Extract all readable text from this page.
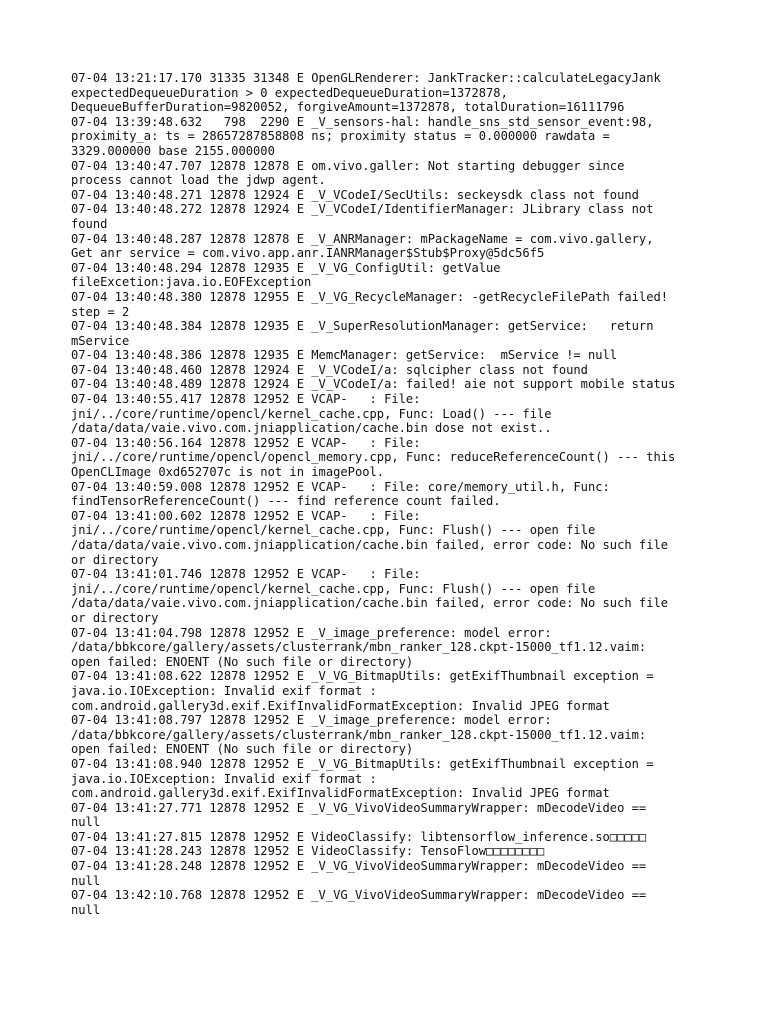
07-04 13:21:17.170 31335 31348 E OpenGLRenderer: JankTracker::calculateLegacyJank
expectedDequeueDuration > 0 expectedDequeueDuration=1372878,
DequeueBufferDuration=9820052, forgiveAmount=1372878, totalDuration=16111796
07-04 13:39:48.632   798  2290 E _V_sensors-hal: handle_sns_std_sensor_event:98,
proximity_a: ts = 28657287858808 ns; proximity status = 0.000000 rawdata =
3329.000000 base 2155.000000
07-04 13:40:47.707 12878 12878 E om.vivo.galler: Not starting debugger since
process cannot load the jdwp agent.
07-04 13:40:48.271 12878 12924 E _V_VCodeI/SecUtils: seckeysdk class not found
07-04 13:40:48.272 12878 12924 E _V_VCodeI/IdentifierManager: JLibrary class not
found
07-04 13:40:48.287 12878 12878 E _V_ANRManager: mPackageName = com.vivo.gallery,
Get anr service = com.vivo.app.anr.IANRManager$Stub$Proxy@5dc56f5
07-04 13:40:48.294 12878 12935 E _V_VG_ConfigUtil: getValue
fileExcetion:java.io.EOFException
07-04 13:40:48.380 12878 12955 E _V_VG_RecycleManager: -getRecycleFilePath failed!
step = 2
07-04 13:40:48.384 12878 12935 E _V_SuperResolutionManager: getService:   return
mService
07-04 13:40:48.386 12878 12935 E MemcManager: getService:  mService != null
07-04 13:40:48.460 12878 12924 E _V_VCodeI/a: sqlcipher class not found
07-04 13:40:48.489 12878 12924 E _V_VCodeI/a: failed! aie not support mobile status
07-04 13:40:55.417 12878 12952 E VCAP-   : File:
jni/../core/runtime/opencl/kernel_cache.cpp, Func: Load() --- file
/data/data/vaie.vivo.com.jniapplication/cache.bin dose not exist..
07-04 13:40:56.164 12878 12952 E VCAP-   : File:
jni/../core/runtime/opencl/opencl_memory.cpp, Func: reduceReferenceCount() --- this
OpenCLImage 0xd652707c is not in imagePool.
07-04 13:40:59.008 12878 12952 E VCAP-   : File: core/memory_util.h, Func:
findTensorReferenceCount() --- find reference count failed.
07-04 13:41:00.602 12878 12952 E VCAP-   : File:
jni/../core/runtime/opencl/kernel_cache.cpp, Func: Flush() --- open file
/data/data/vaie.vivo.com.jniapplication/cache.bin failed, error code: No such file
or directory
07-04 13:41:01.746 12878 12952 E VCAP-   : File:
jni/../core/runtime/opencl/kernel_cache.cpp, Func: Flush() --- open file
/data/data/vaie.vivo.com.jniapplication/cache.bin failed, error code: No such file
or directory
07-04 13:41:04.798 12878 12952 E _V_image_preference: model error:
/data/bbkcore/gallery/assets/clusterrank/mbn_ranker_128.ckpt-15000_tf1.12.vaim:
open failed: ENOENT (No such file or directory)
07-04 13:41:08.622 12878 12952 E _V_VG_BitmapUtils: getExifThumbnail exception =
java.io.IOException: Invalid exif format :
com.android.gallery3d.exif.ExifInvalidFormatException: Invalid JPEG format
07-04 13:41:08.797 12878 12952 E _V_image_preference: model error:
/data/bbkcore/gallery/assets/clusterrank/mbn_ranker_128.ckpt-15000_tf1.12.vaim:
open failed: ENOENT (No such file or directory)
07-04 13:41:08.940 12878 12952 E _V_VG_BitmapUtils: getExifThumbnail exception =
java.io.IOException: Invalid exif format :
com.android.gallery3d.exif.ExifInvalidFormatException: Invalid JPEG format
07-04 13:41:27.771 12878 12952 E _V_VG_VivoVideoSummaryWrapper: mDecodeVideo ==
null
07-04 13:41:27.815 12878 12952 E VideoClassify: libtensorflow_inference.so□□□□□
07-04 13:41:28.243 12878 12952 E VideoClassify: TensoFlow□□□□□□□□
07-04 13:41:28.248 12878 12952 E _V_VG_VivoVideoSummaryWrapper: mDecodeVideo ==
null
07-04 13:42:10.768 12878 12952 E _V_VG_VivoVideoSummaryWrapper: mDecodeVideo ==
null
